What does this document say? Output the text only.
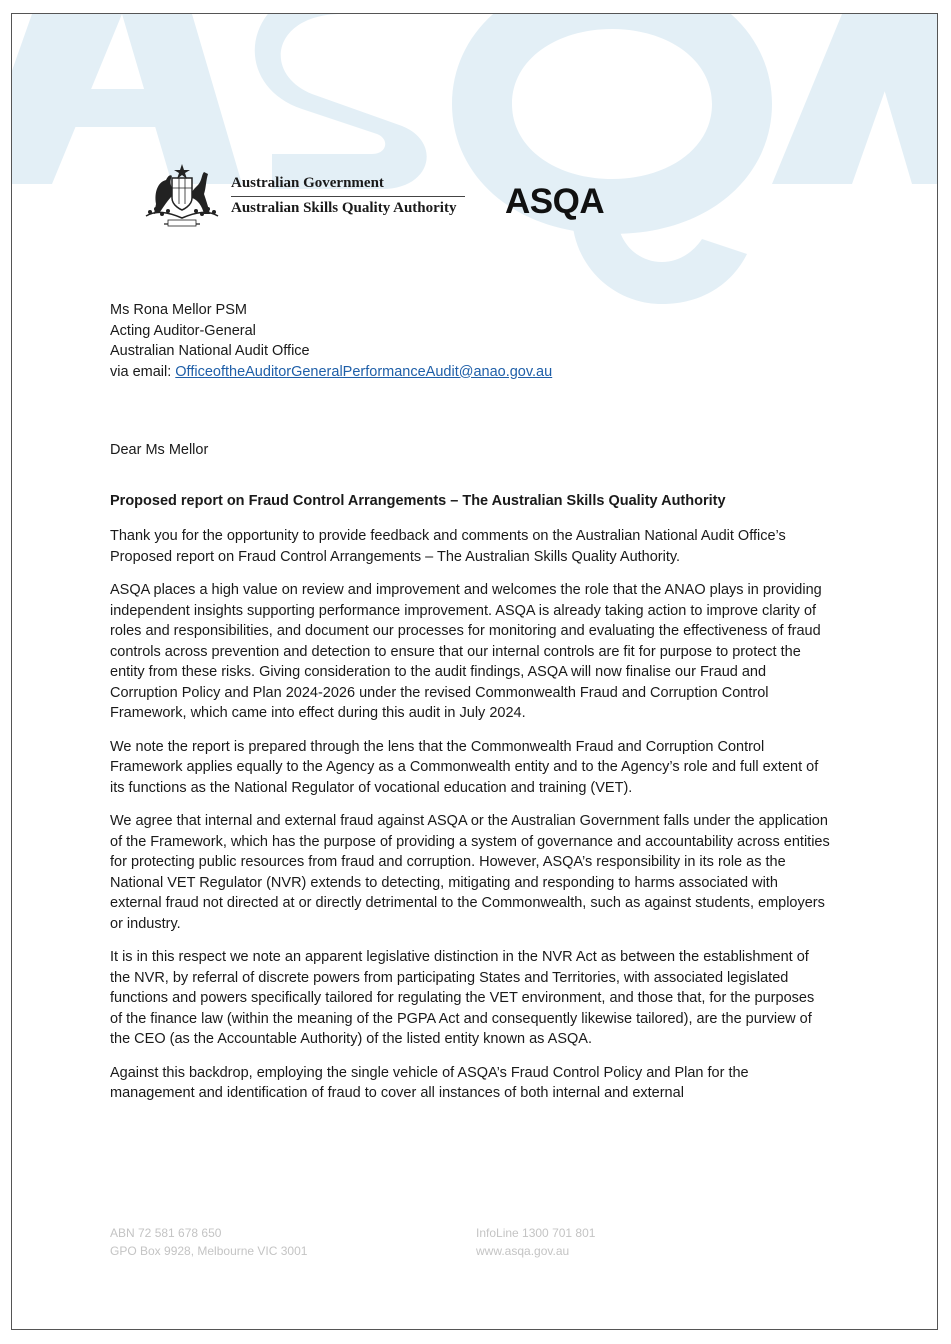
Australian Government
Australian Skills Quality Authority ASQA
Ms Rona Mellor PSM
Acting Auditor-General
Australian National Audit Office
via email: OfficeoftheAuditorGeneralPerformanceAudit@anao.gov.au
Dear Ms Mellor
Proposed report on Fraud Control Arrangements – The Australian Skills Quality Authority

Thank you for the opportunity to provide feedback and comments on the Australian National Audit Office’s Proposed report on Fraud Control Arrangements – The Australian Skills Quality Authority.

ASQA places a high value on review and improvement and welcomes the role that the ANAO plays in providing independent insights supporting performance improvement. ASQA is already taking action to improve clarity of roles and responsibilities, and document our processes for monitoring and evaluating the effectiveness of fraud controls across prevention and detection to ensure that our internal controls are fit for purpose to protect the entity from these risks. Giving consideration to the audit findings, ASQA will now finalise our Fraud and Corruption Policy and Plan 2024-2026 under the revised Commonwealth Fraud and Corruption Control Framework, which came into effect during this audit in July 2024.

We note the report is prepared through the lens that the Commonwealth Fraud and Corruption Control Framework applies equally to the Agency as a Commonwealth entity and to the Agency’s role and full extent of its functions as the National Regulator of vocational education and training (VET).

We agree that internal and external fraud against ASQA or the Australian Government falls under the application of the Framework, which has the purpose of providing a system of governance and accountability across entities for protecting public resources from fraud and corruption. However, ASQA’s responsibility in its role as the National VET Regulator (NVR) extends to detecting, mitigating and responding to harms associated with external fraud not directed at or directly detrimental to the Commonwealth, such as against students, employers or industry.

It is in this respect we note an apparent legislative distinction in the NVR Act as between the establishment of the NVR, by referral of discrete powers from participating States and Territories, with associated legislated functions and powers specifically tailored for regulating the VET environment, and those that, for the purposes of the finance law (within the meaning of the PGPA Act and consequently likewise tailored), are the purview of the CEO (as the Accountable Authority) of the listed entity known as ASQA.

Against this backdrop, employing the single vehicle of ASQA’s Fraud Control Policy and Plan for the management and identification of fraud to cover all instances of both internal and external

ABN 72 581 678 650
GPO Box 9928, Melbourne VIC 3001
InfoLine 1300 701 801
www.asqa.gov.au
